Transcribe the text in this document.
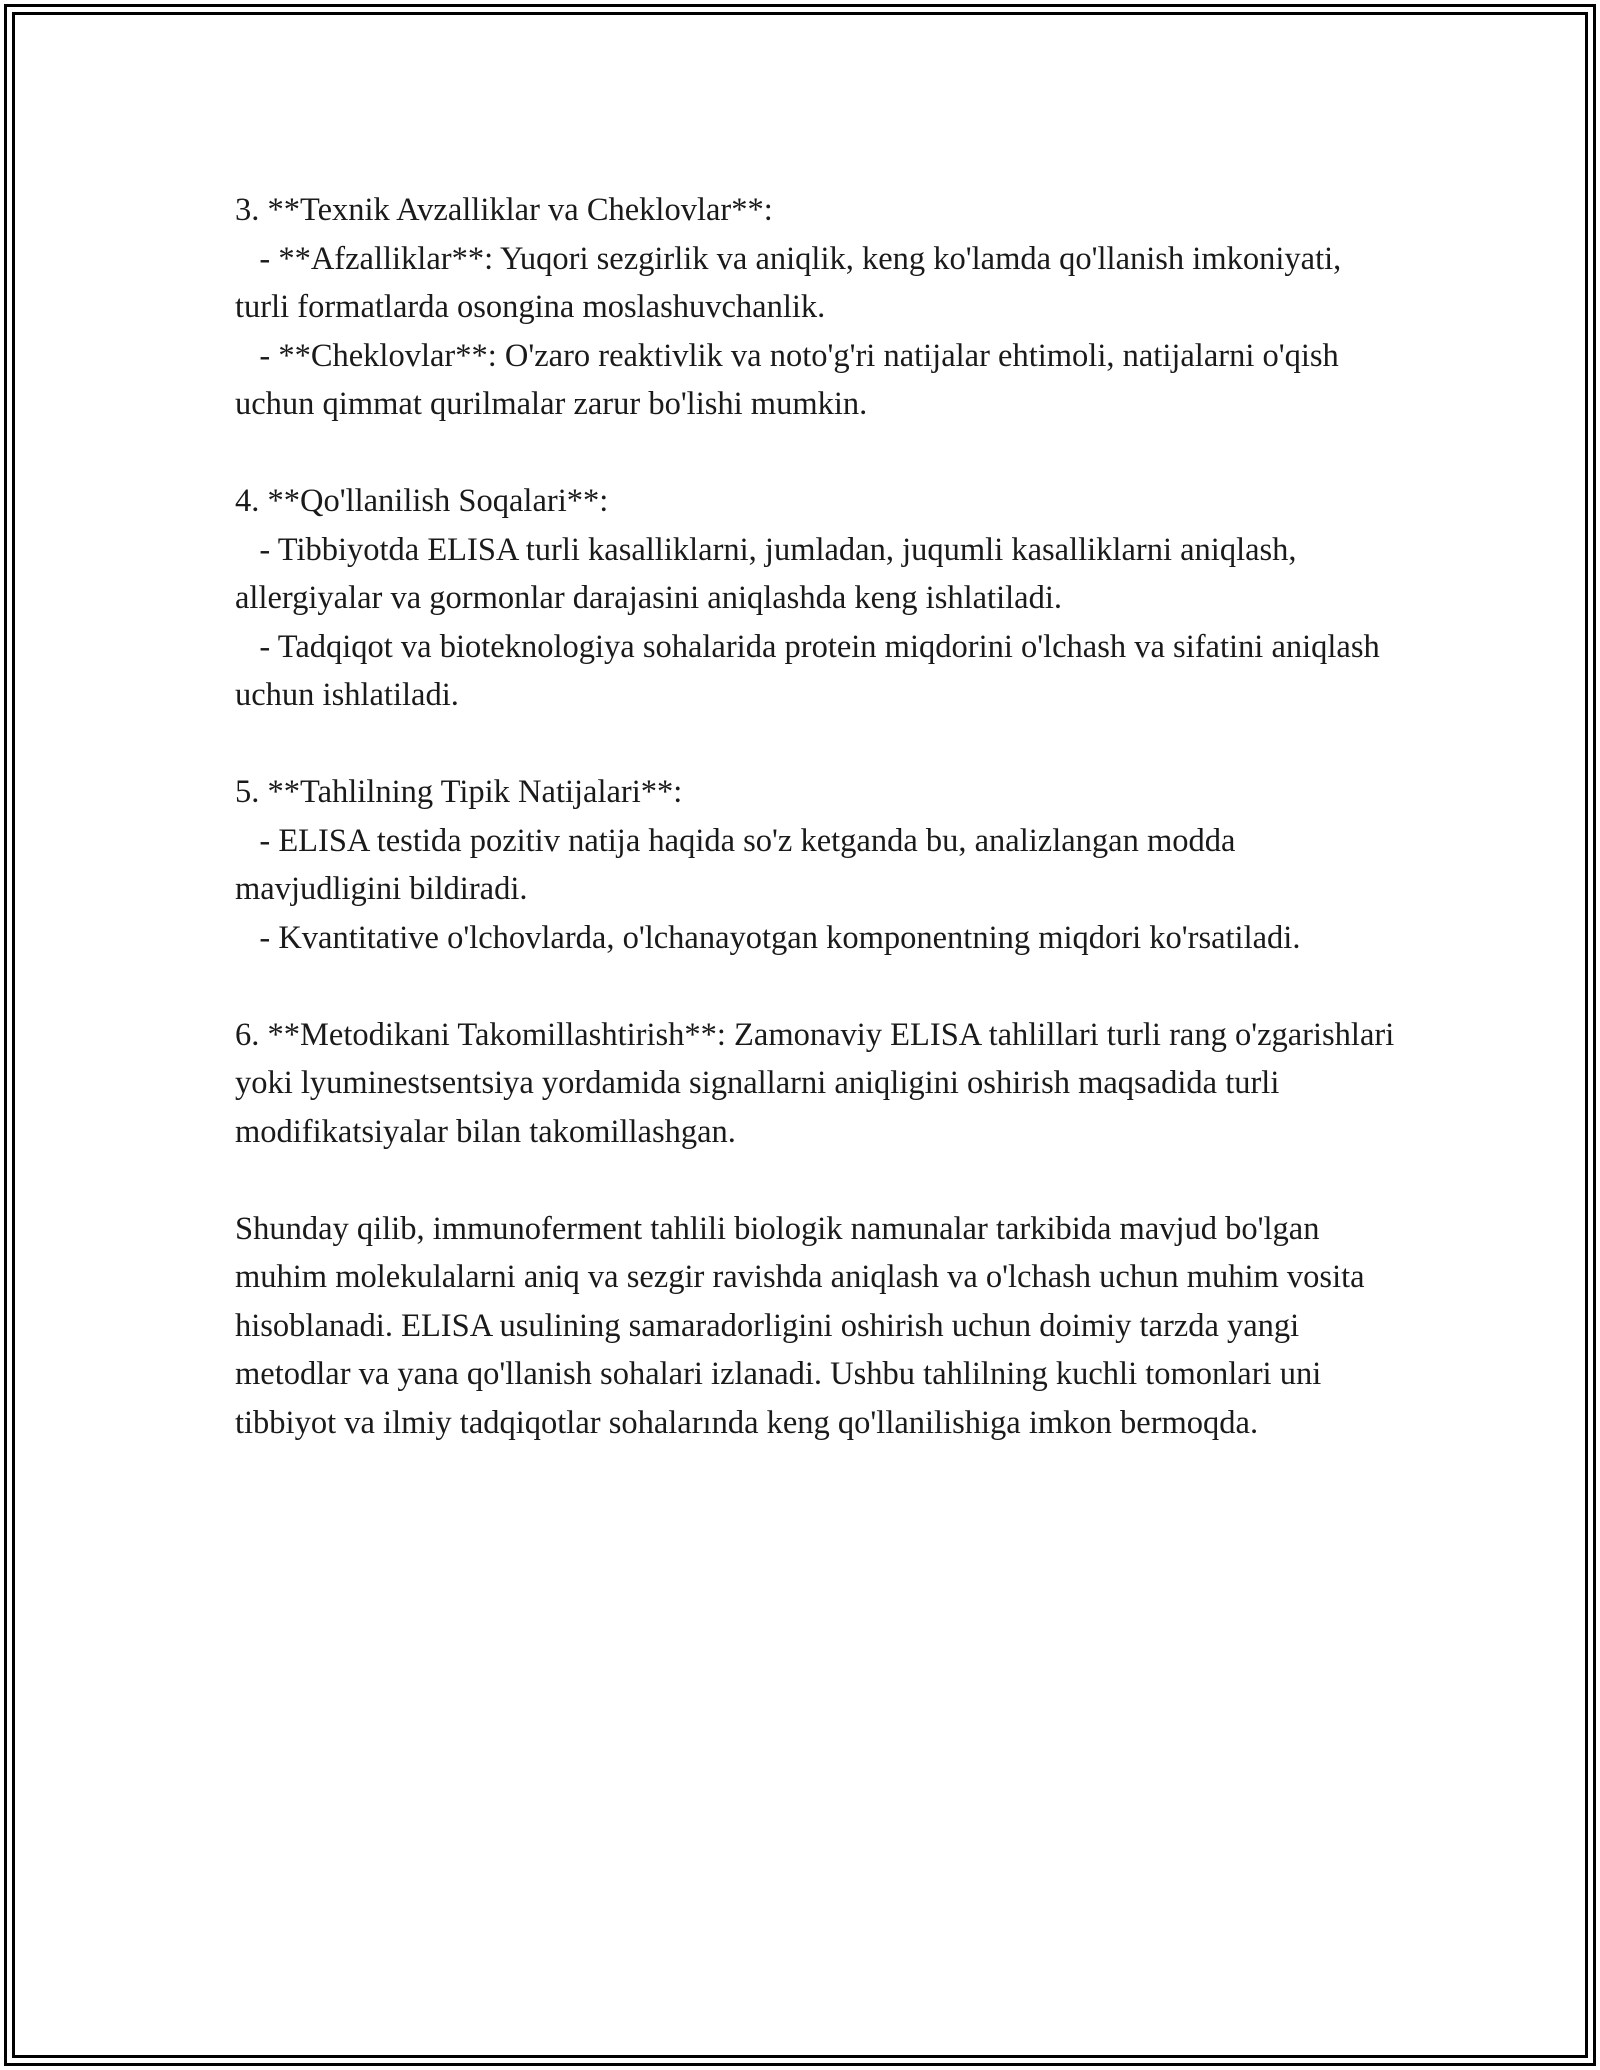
3. **Texnik Avzalliklar va Cheklovlar**:

- **Afzalliklar**: Yuqori sezgirlik va aniqlik, keng ko'lamda qo'llanish imkoniyati, turli formatlarda osongina moslashuvchanlik.

- **Cheklovlar**: O'zaro reaktivlik va noto'g'ri natijalar ehtimoli, natijalarni o'qish uchun qimmat qurilmalar zarur bo'lishi mumkin.

4. **Qo'llanilish Soqalari**:

- Tibbiyotda ELISA turli kasalliklarni, jumladan, juqumli kasalliklarni aniqlash, allergiyalar va gormonlar darajasini aniqlashda keng ishlatiladi.

- Tadqiqot va bioteknologiya sohalarida protein miqdorini o'lchash va sifatini aniqlash uchun ishlatiladi.

5. **Tahlilning Tipik Natijalari**:

- ELISA testida pozitiv natija haqida so'z ketganda bu, analizlangan modda mavjudligini bildiradi.

- Kvantitative o'lchovlarda, o'lchanayotgan komponentning miqdori ko'rsatiladi.

6. **Metodikani Takomillashtirish**: Zamonaviy ELISA tahlillari turli rang o'zgarishlari yoki lyuminestsentsiya yordamida signallarni aniqligini oshirish maqsadida turli modifikatsiyalar bilan takomillashgan.

Shunday qilib, immunoferment tahlili biologik namunalar tarkibida mavjud bo'lgan muhim molekulalarni aniq va sezgir ravishda aniqlash va o'lchash uchun muhim vosita hisoblanadi. ELISA usulining samaradorligini oshirish uchun doimiy tarzda yangi metodlar va yana qo'llanish sohalari izlanadi. Ushbu tahlilning kuchli tomonlari uni tibbiyot va ilmiy tadqiqotlar sohalarında keng qo'llanilishiga imkon bermoqda.
